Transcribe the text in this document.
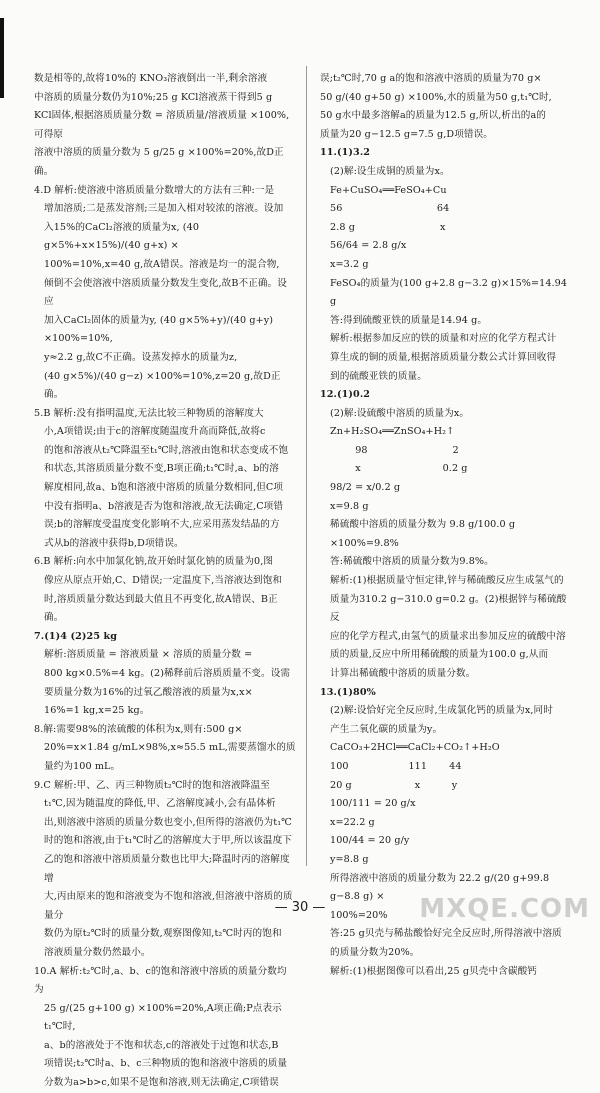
数是相等的,故将10%的 KNO₃溶液倒出一半,剩余溶液

中溶质的质量分数仍为10%;25 g KCl溶液蒸干得到5 g

KCl固体,根据溶质质量分数 = 溶质质量/溶液质量 ×100%,可得原

溶液中溶质的质量分数为 5 g/25 g ×100%=20%,故D正确。

4.D 解析:使溶液中溶质质量分数增大的方法有三种:一是

增加溶质;二是蒸发溶剂;三是加入相对较浓的溶液。设加

入15%的CaCl₂溶液的质量为x, (40 g×5%+x×15%)/(40 g+x) ×

100%=10%,x=40 g,故A错误。溶液是均一的混合物,

倾倒不会使溶液中溶质质量分数发生变化,故B不正确。设应

加入CaCl₂固体的质量为y, (40 g×5%+y)/(40 g+y) ×100%=10%,

y≈2.2 g,故C不正确。设蒸发掉水的质量为z,

(40 g×5%)/(40 g−z) ×100%=10%,z=20 g,故D正确。

5.B 解析:没有指明温度,无法比较三种物质的溶解度大

小,A项错误;由于c的溶解度随温度升高而降低,故将c

的饱和溶液从t₂℃降温至t₁℃时,溶液由饱和状态变成不饱

和状态,其溶质质量分数不变,B项正确;t₁℃时,a、b的溶

解度相同,故a、b饱和溶液中溶质的质量分数相同,但C项

中没有指明a、b溶液是否为饱和溶液,故无法确定,C项错

误;b的溶解度受温度变化影响不大,应采用蒸发结晶的方

式从b的溶液中获得b,D项错误。

6.B 解析:向水中加氯化钠,故开始时氯化钠的质量为0,图

像应从原点开始,C、D错误;一定温度下,当溶液达到饱和

时,溶质质量分数达到最大值且不再变化,故A错误、B正确。

7.(1)4 (2)25 kg

解析:溶质质量 = 溶液质量 × 溶质的质量分数 =

800 kg×0.5%=4 kg。(2)稀释前后溶质质量不变。设需

要质量分数为16%的过氧乙酸溶液的质量为x,x×

16%=1 kg,x=25 kg。

8.解:需要98%的浓硫酸的体积为x,则有:500 g×

20%=x×1.84 g/mL×98%,x≈55.5 mL,需要蒸馏水的质

量约为100 mL。

9.C 解析:甲、乙、丙三种物质t₂℃时的饱和溶液降温至

t₁℃,因为随温度的降低,甲、乙溶解度减小,会有晶体析

出,则溶液中溶质的质量分数也变小,但所得的溶液仍为t₁℃

时的饱和溶液,由于t₁℃时乙的溶解度大于甲,所以该温度下

乙的饱和溶液中溶质质量分数也比甲大;降温时丙的溶解度增

大,丙由原来的饱和溶液变为不饱和溶液,但溶液中溶质的质量分

数仍为原t₂℃时的质量分数,观察图像知,t₂℃时丙的饱和

溶液质量分数仍然最小。

10.A 解析:t₂℃时,a、b、c的饱和溶液中溶质的质量分数均为

25 g/(25 g+100 g) ×100%=20%,A项正确;P点表示t₁℃时,

a、b的溶液处于不饱和状态,c的溶液处于过饱和状态,B

项错误;t₂℃时a、b、c三种物质的饱和溶液中溶质的质量

分数为a>b>c,如果不是饱和溶液,则无法确定,C项错误

误;t₂℃时,70 g a的饱和溶液中溶质的质量为70 g×

50 g/(40 g+50 g) ×100%,水的质量为50 g,t₁℃时,

50 g水中最多溶解a的质量为12.5 g,所以,析出的a的

质量为20 g−12.5 g=7.5 g,D项错误。

11.(1)3.2

(2)解:设生成铜的质量为x。

Fe+CuSO₄══FeSO₄+Cu

56                              64

2.8 g                           x

56/64 = 2.8 g/x

x=3.2 g

FeSO₄的质量为(100 g+2.8 g−3.2 g)×15%=14.94 g

答:得到硫酸亚铁的质量是14.94 g。

解析:根据参加反应的铁的质量和对应的化学方程式计

算生成的铜的质量,根据溶质质量分数公式计算回收得

到的硫酸亚铁的质量。

12.(1)0.2

(2)解:设硫酸中溶质的质量为x。

Zn+H₂SO₄══ZnSO₄+H₂↑

98                           2

x                          0.2 g

98/2 = x/0.2 g

x=9.8 g

稀硫酸中溶质的质量分数为 9.8 g/100.0 g ×100%=9.8%

答:稀硫酸中溶质的质量分数为9.8%。

解析:(1)根据质量守恒定律,锌与稀硫酸反应生成氢气的

质量为310.2 g−310.0 g=0.2 g。(2)根据锌与稀硫酸反

应的化学方程式,由氢气的质量求出参加反应的硫酸中溶

质的质量,反应中所用稀硫酸的质量为100.0 g,从而

计算出稀硫酸中溶质的质量分数。

13.(1)80%

(2)解:设恰好完全反应时,生成氯化钙的质量为x,同时

产生二氧化碳的质量为y。

CaCO₃+2HCl══CaCl₂+CO₂↑+H₂O

100                   111       44

20 g                    x          y

100/111 = 20 g/x

x=22.2 g

100/44 = 20 g/y

y=8.8 g

所得溶液中溶质的质量分数为 22.2 g/(20 g+99.8 g−8.8 g) ×

100%=20%

答:25 g贝壳与稀盐酸恰好完全反应时,所得溶液中溶质

的质量分数为20%。

解析:(1)根据图像可以看出,25 g贝壳中含碳酸钙

— 30 —	MXQE.COM
